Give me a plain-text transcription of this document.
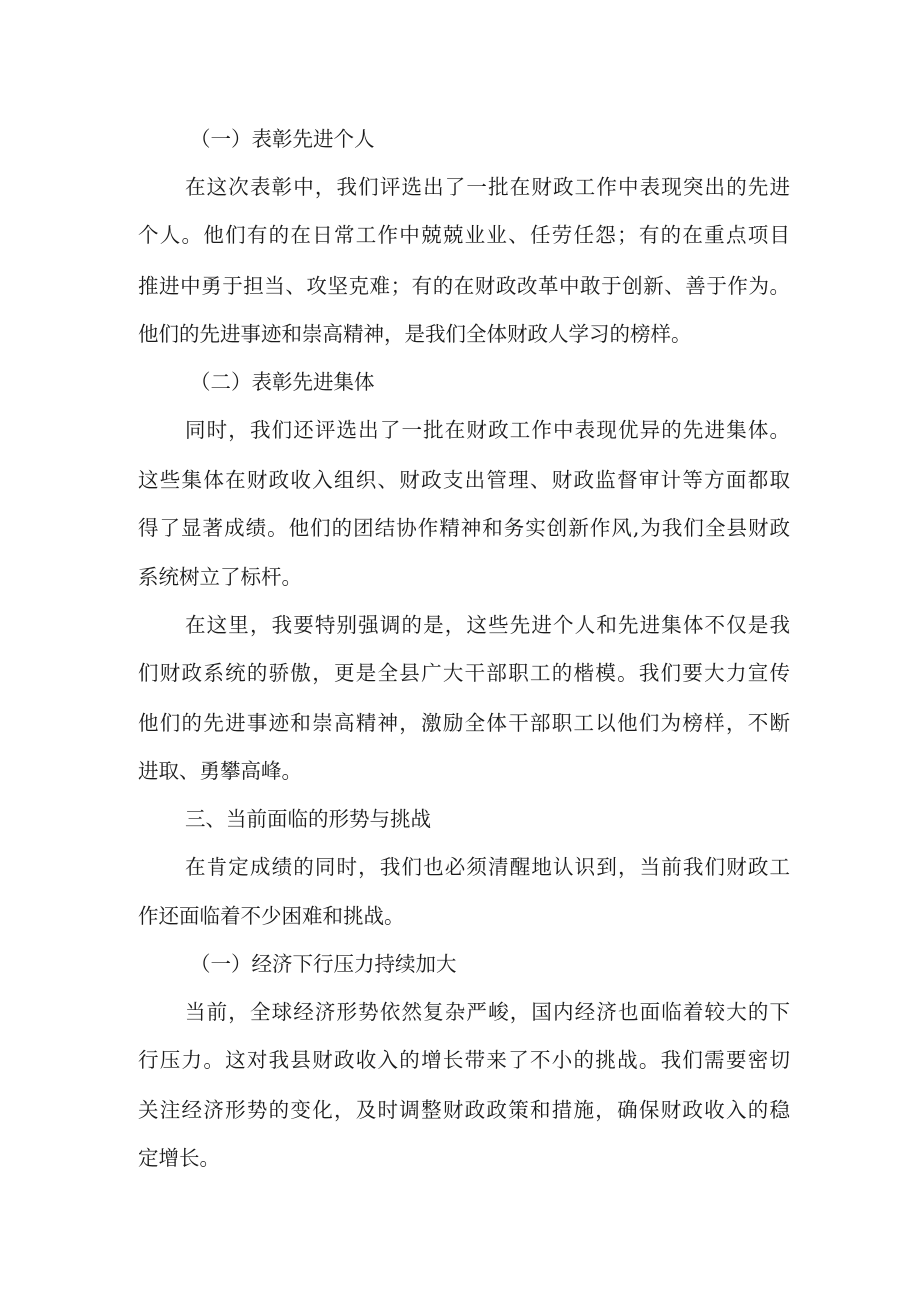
（一）表彰先进个人
在这次表彰中，我们评选出了一批在财政工作中表现突出的先进
个人。他们有的在日常工作中兢兢业业、任劳任怨；有的在重点项目
推进中勇于担当、攻坚克难；有的在财政改革中敢于创新、善于作为。
他们的先进事迹和崇高精神，是我们全体财政人学习的榜样。
（二）表彰先进集体
同时，我们还评选出了一批在财政工作中表现优异的先进集体。
这些集体在财政收入组织、财政支出管理、财政监督审计等方面都取
得了显著成绩。他们的团结协作精神和务实创新作风,为我们全县财政
系统树立了标杆。
在这里，我要特别强调的是，这些先进个人和先进集体不仅是我
们财政系统的骄傲，更是全县广大干部职工的楷模。我们要大力宣传
他们的先进事迹和崇高精神，激励全体干部职工以他们为榜样，不断
进取、勇攀高峰。
三、当前面临的形势与挑战
在肯定成绩的同时，我们也必须清醒地认识到，当前我们财政工
作还面临着不少困难和挑战。
（一）经济下行压力持续加大
当前，全球经济形势依然复杂严峻，国内经济也面临着较大的下
行压力。这对我县财政收入的增长带来了不小的挑战。我们需要密切
关注经济形势的变化，及时调整财政政策和措施，确保财政收入的稳
定增长。
